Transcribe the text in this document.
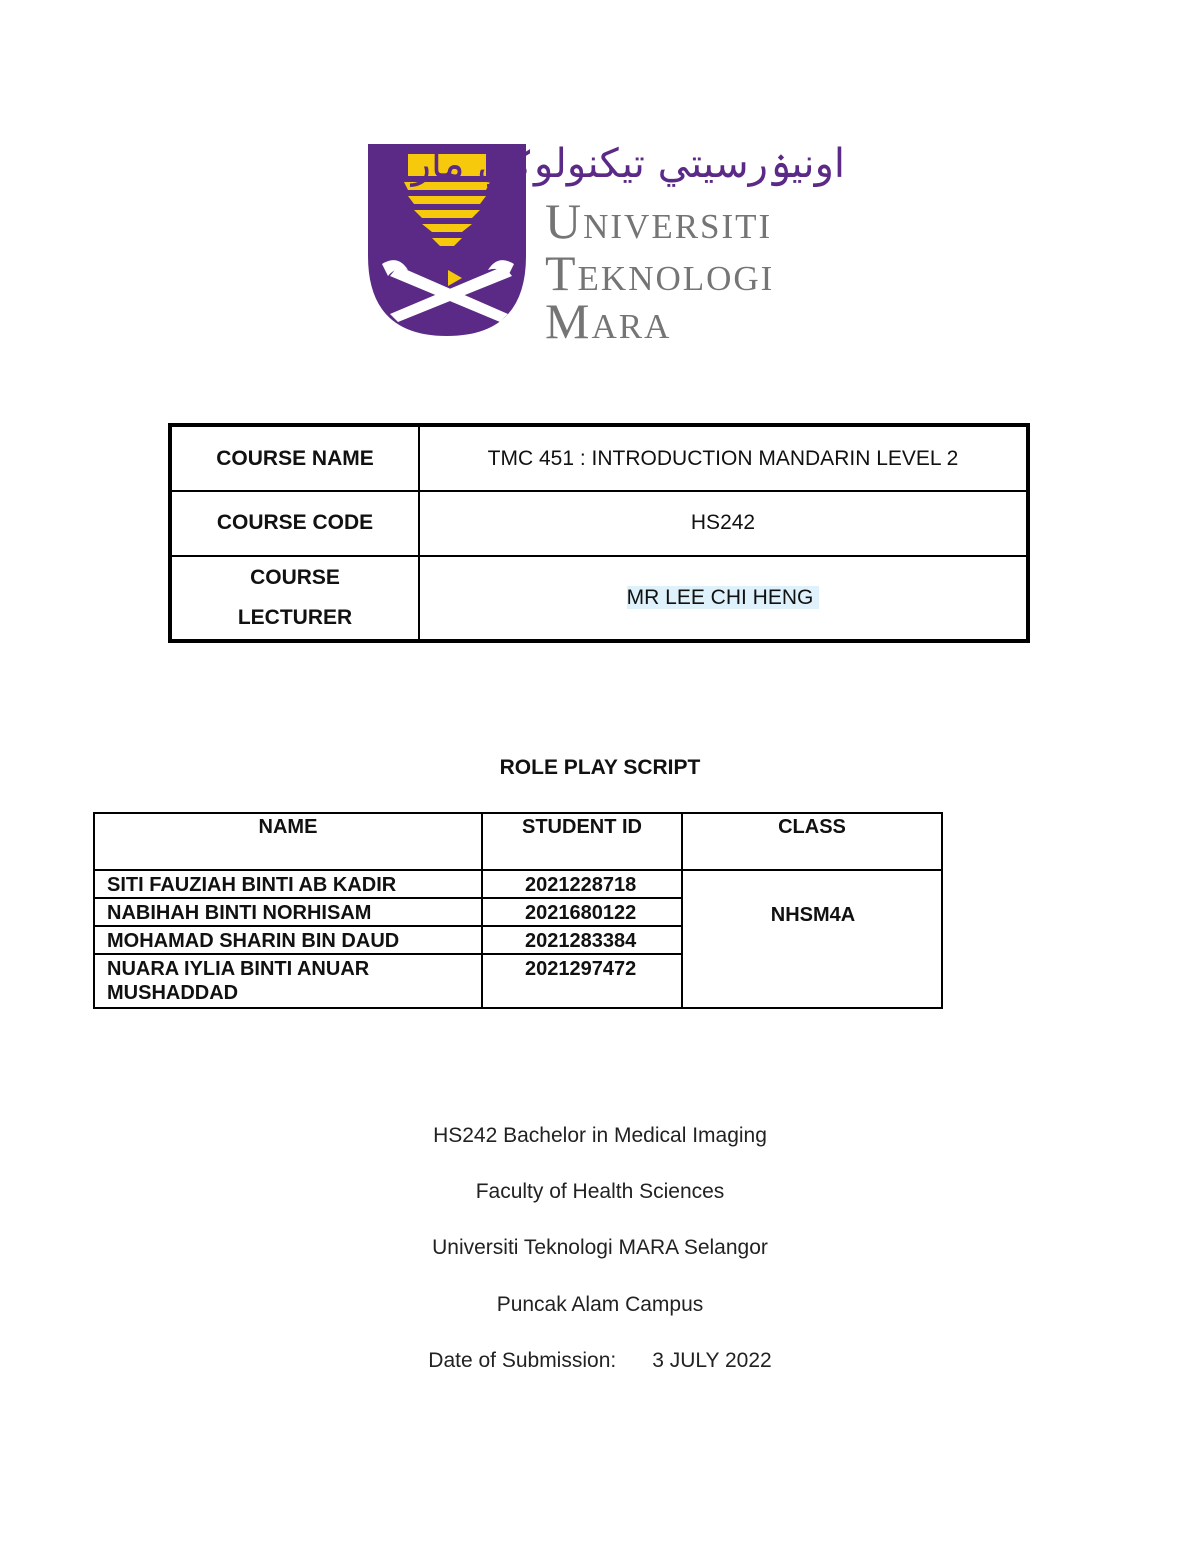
اونيۏرسيتي تيكنولوݢي مارا
Universiti
Teknologi
Mara
COURSE NAME	TMC 451 : INTRODUCTION MANDARIN LEVEL 2
COURSE CODE	HS242
COURSE
LECTURER	MR LEE CHI HENG
ROLE PLAY SCRIPT
NAME	STUDENT ID	CLASS
SITI FAUZIAH BINTI AB KADIR	2021228718	NHSM4A
NABIHAH BINTI NORHISAM	2021680122	
MOHAMAD SHARIN BIN DAUD	2021283384	
NUARA IYLIA BINTI ANUAR MUSHADDAD	2021297472	
HS242 Bachelor in Medical Imaging
Faculty of Health Sciences
Universiti Teknologi MARA Selangor
Puncak Alam Campus
Date of Submission: 3 JULY 2022
